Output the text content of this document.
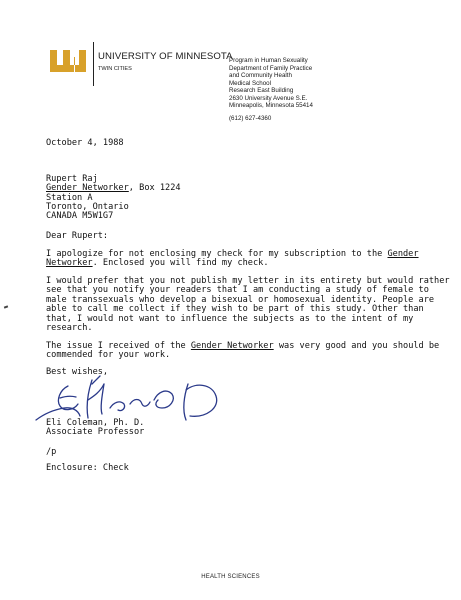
UNIVERSITY OF MINNESOTA
TWIN CITIES
Program in Human Sexuality
Department of Family Practice
and Community Health
Medical School
Research East Building
2630 University Avenue S.E.
Minneapolis, Minnesota 55414
(612) 627-4360
October 4, 1988
Rupert Raj
Gender Networker, Box 1224
Station A
Toronto, Ontario
CANADA M5W1G7
Dear Rupert:
I apologize for not enclosing my check for my subscription to the Gender
Networker. Enclosed you will find my check.
I would prefer that you not publish my letter in its entirety but would rather
see that you notify your readers that I am conducting a study of female to
male transsexuals who develop a bisexual or homosexual identity. People are
able to call me collect if they wish to be part of this study. Other than
that, I would not want to influence the subjects as to the intent of my
research.
The issue I received of the Gender Networker was very good and you should be
commended for your work.
Best wishes,
Eli Coleman, Ph. D.
Associate Professor
/p
Enclosure: Check
HEALTH SCIENCES
